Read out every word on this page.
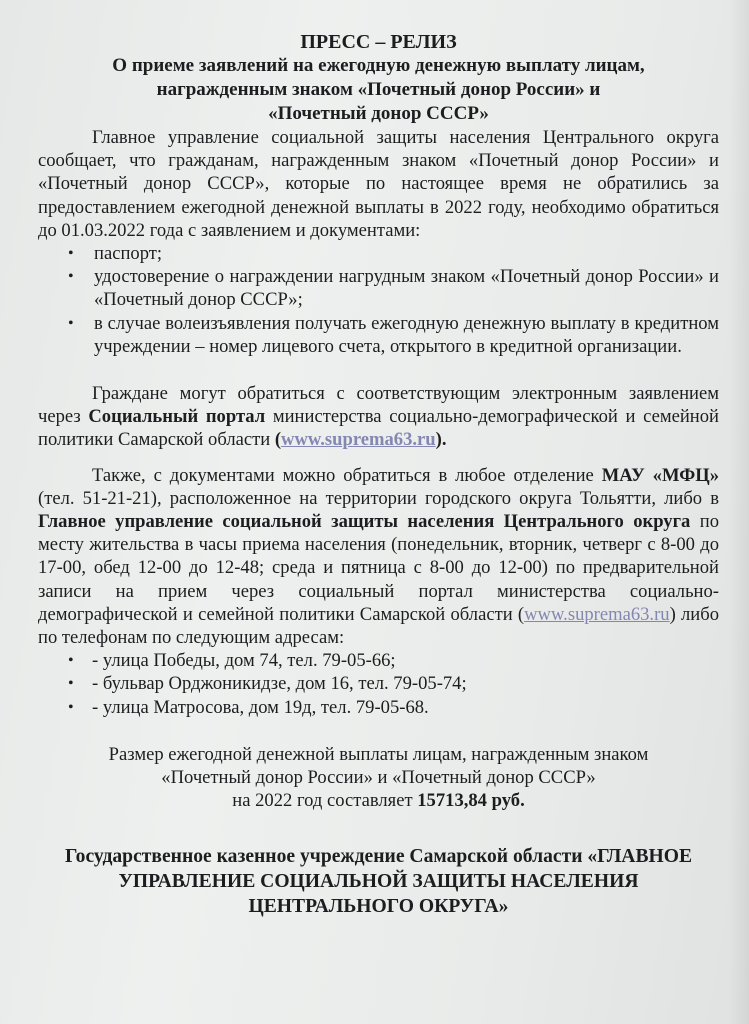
ПРЕСС – РЕЛИЗ
О приеме заявлений на ежегодную денежную выплату лицам,
награжденным знаком «Почетный донор России» и
«Почетный донор СССР»

Главное управление социальной защиты населения Центрального округа сообщает, что гражданам, награжденным знаком «Почетный донор России» и «Почетный донор СССР», которые по настоящее время не обратились за предоставлением ежегодной денежной выплаты в 2022 году, необходимо обратиться до 01.03.2022 года с заявлением и документами:

• паспорт;
• удостоверение о награждении нагрудным знаком «Почетный донор России» и «Почетный донор СССР»;
• в случае волеизъявления получать ежегодную денежную выплату в кредитном учреждении – номер лицевого счета, открытого в кредитной организации.

Граждане могут обратиться с соответствующим электронным заявлением через Социальный портал министерства социально-демографической и семейной политики Самарской области (www.suprema63.ru).

Также, с документами можно обратиться в любое отделение МАУ «МФЦ» (тел. 51-21-21), расположенное на территории городского округа Тольятти, либо в Главное управление социальной защиты населения Центрального округа по месту жительства в часы приема населения (понедельник, вторник, четверг с 8-00 до 17-00, обед 12-00 до 12-48; среда и пятница с 8-00 до 12-00) по предварительной записи на прием через социальный портал министерства социально-демографической и семейной политики Самарской области (www.suprema63.ru) либо по телефонам по следующим адресам:

• - улица Победы, дом 74, тел. 79-05-66;
• - бульвар Орджоникидзе, дом 16, тел. 79-05-74;
• - улица Матросова, дом 19д, тел. 79-05-68.

Размер ежегодной денежной выплаты лицам, награжденным знаком

«Почетный донор России» и «Почетный донор СССР»

на 2022 год составляет 15713,84 руб.

Государственное казенное учреждение Самарской области «ГЛАВНОЕ
УПРАВЛЕНИЕ СОЦИАЛЬНОЙ ЗАЩИТЫ НАСЕЛЕНИЯ
ЦЕНТРАЛЬНОГО ОКРУГА»
